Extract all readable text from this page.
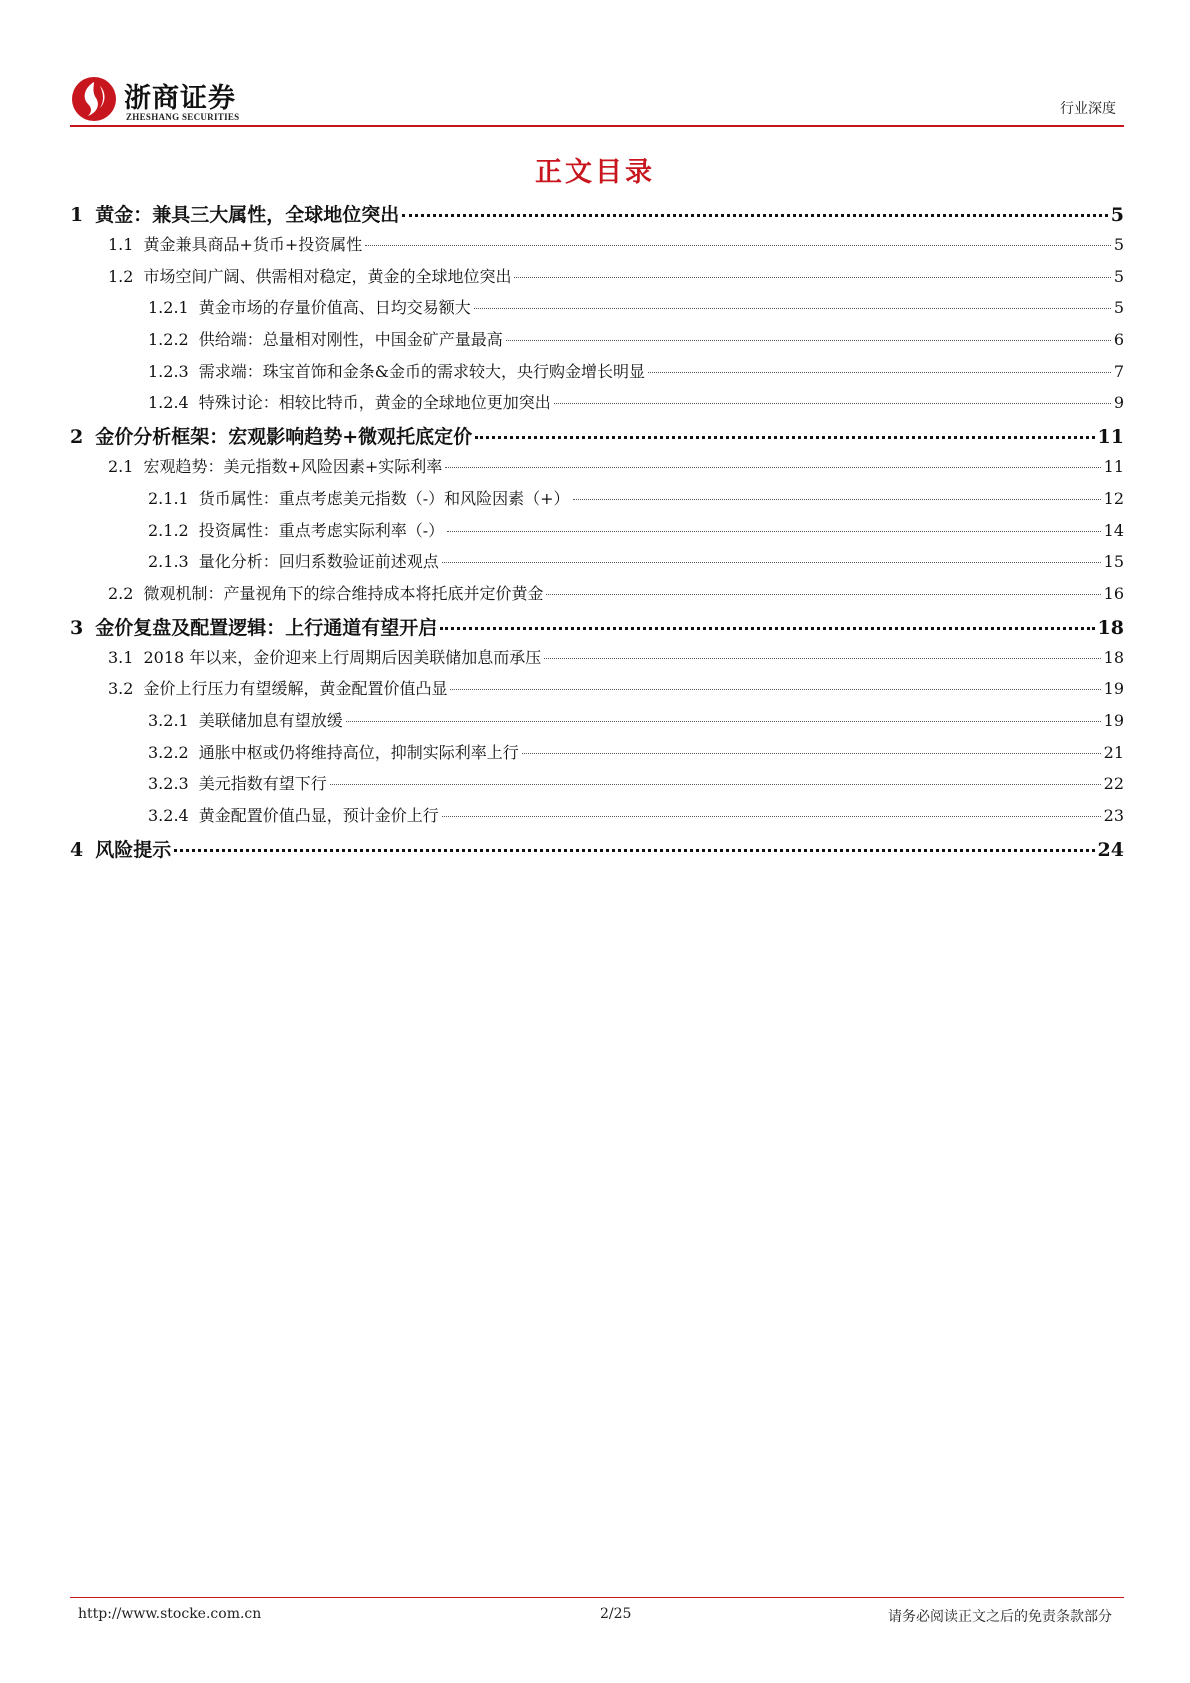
浙商证券
ZHESHANG SECURITIES	行业深度
正文目录
1 黄金：兼具三大属性，全球地位突出	5
1.1 黄金兼具商品+货币+投资属性	5
1.2 市场空间广阔、供需相对稳定，黄金的全球地位突出	5
1.2.1 黄金市场的存量价值高、日均交易额大	5
1.2.2 供给端：总量相对刚性，中国金矿产量最高	6
1.2.3 需求端：珠宝首饰和金条&金币的需求较大，央行购金增长明显	7
1.2.4 特殊讨论：相较比特币，黄金的全球地位更加突出	9
2 金价分析框架：宏观影响趋势+微观托底定价	11
2.1 宏观趋势：美元指数+风险因素+实际利率	11
2.1.1 货币属性：重点考虑美元指数（-）和风险因素（+）	12
2.1.2 投资属性：重点考虑实际利率（-）	14
2.1.3 量化分析：回归系数验证前述观点	15
2.2 微观机制：产量视角下的综合维持成本将托底并定价黄金	16
3 金价复盘及配置逻辑：上行通道有望开启	18
3.1 2018 年以来，金价迎来上行周期后因美联储加息而承压	18
3.2 金价上行压力有望缓解，黄金配置价值凸显	19
3.2.1 美联储加息有望放缓	19
3.2.2 通胀中枢或仍将维持高位，抑制实际利率上行	21
3.2.3 美元指数有望下行	22
3.2.4 黄金配置价值凸显，预计金价上行	23
4 风险提示	24
http://www.stocke.com.cn	2/25	请务必阅读正文之后的免责条款部分
